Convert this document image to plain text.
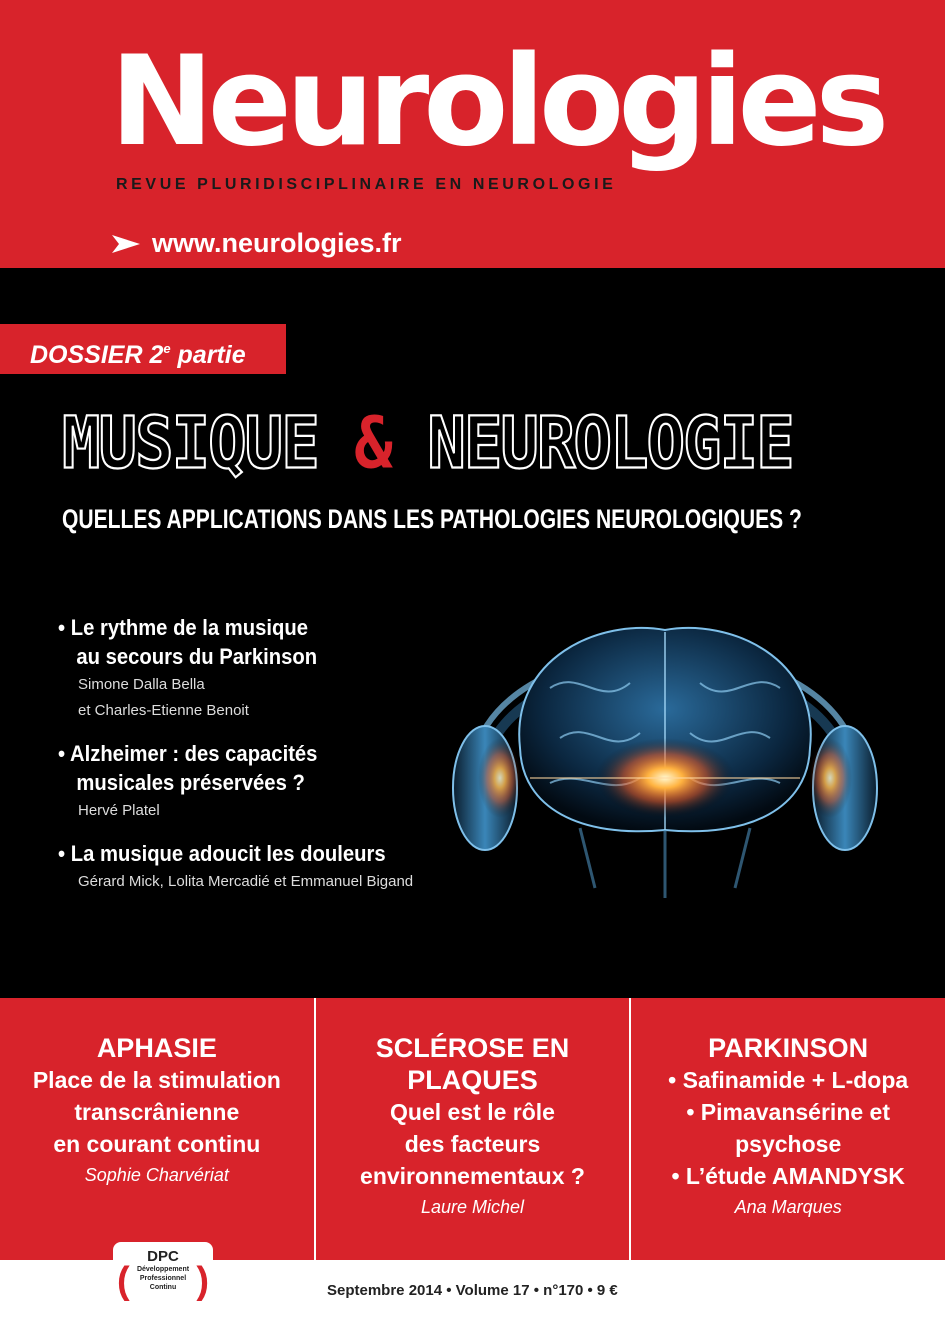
Neurologies
REVUE PLURIDISCIPLINAIRE EN NEUROLOGIE
www.neurologies.fr
DOSSIER 2e partie
MUSIQUE & NEUROLOGIE
QUELLES APPLICATIONS DANS LES PATHOLOGIES NEUROLOGIQUES ?
• Le rythme de la musique
au secours du Parkinson
Simone Dalla Bella
et Charles-Etienne Benoit
• Alzheimer : des capacités
musicales préservées ?
Hervé Platel
• La musique adoucit les douleurs
Gérard Mick, Lolita Mercadié et Emmanuel Bigand
APHASIE
Place de la stimulation
transcrânienne
en courant continu
Sophie Charvériat
SCLÉROSE EN
PLAQUES
Quel est le rôle
des facteurs
environnementaux ?
Laure Michel
PARKINSON
• Safinamide + L-dopa
• Pimavansérine et
psychose
• L’étude AMANDYSK
Ana Marques
( )
DPC
Développement
Professionnel
Continu	Septembre 2014 • Volume 17 • n°170 • 9 €
